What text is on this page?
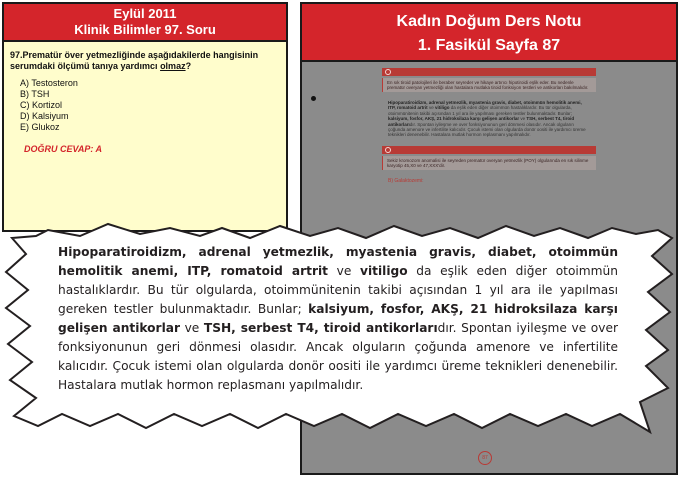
Eylül 2011
Klinik Bilimler 97. Soru
97.Prematür över yetmezliğinde aşağıdakilerde hangisinin serumdaki ölçümü tanıya yardımcı olmaz?
A) Testosteron
B) TSH
C) Kortizol
D) Kalsiyum
E) Glukoz
DOĞRU CEVAP: A
Kadın Doğum Ders Notu
1. Fasikül Sayfa 87
En sık tiroid patolojileri ile beraber seyreder ve hikaye artırıcı hipotiroidi eşlik eder. Bu nedenle prematür overyan yetmezliği olan hastalara mutlaka tiroid fonksiyon testleri ve antikorları bakılmalıdır.
Hipoparatiroidizm, adrenal yetmezlik, myastenia gravis, diabet, otoimmün hemolitik anemi, ITP, romatoid artrit ve vitiligo da eşlik eden diğer otoimmün hastalıklardır. Bu tür olgularda, otoimmünitenin takibi açısından 1 yıl ara ile yapılması gereken testler bulunmaktadır. Bunlar; kalsiyum, fosfor, AKŞ, 21 hidroksilaza karşı gelişen antikorlar ve TSH, serbest T4, tiroid antikorlarıdır. Spontan iyileşme ve over fonksiyonunun geri dönmesi olasıdır. Ancak olguların çoğunda amenore ve infertilite kalıcıdır. Çocuk istemi olan olgularda donör oositi ile yardımcı üreme teknikleri denenebilir. Hastalara mutlak hormon replasmanı yapılmalıdır.
Sekiz kromozom anomalisi ile seyreden prematür overyan yetmezlik (POY) olgularında en sık silinme karyotip 45,X0 ve 47,XXX'dir.
B) Galaktozemi:
87
Hipoparatiroidizm, adrenal yetmezlik, myastenia gravis, diabet, otoimmün hemolitik anemi, ITP, romatoid artrit ve vitiligo da eşlik eden diğer otoimmün hastalıklardır. Bu tür olgularda, otoimmünitenin takibi açısından 1 yıl ara ile yapılması gereken testler bulunmaktadır. Bunlar; kalsiyum, fosfor, AKŞ, 21 hidroksilaza karşı gelişen antikorlar ve TSH, serbest T4, tiroid antikorlarıdır. Spontan iyileşme ve over fonksiyonunun geri dönmesi olasıdır. Ancak olguların çoğunda amenore ve infertilite kalıcıdır. Çocuk istemi olan olgularda donör oositi ile yardımcı üreme teknikleri denenebilir. Hastalara mutlak hormon replasmanı yapılmalıdır.
